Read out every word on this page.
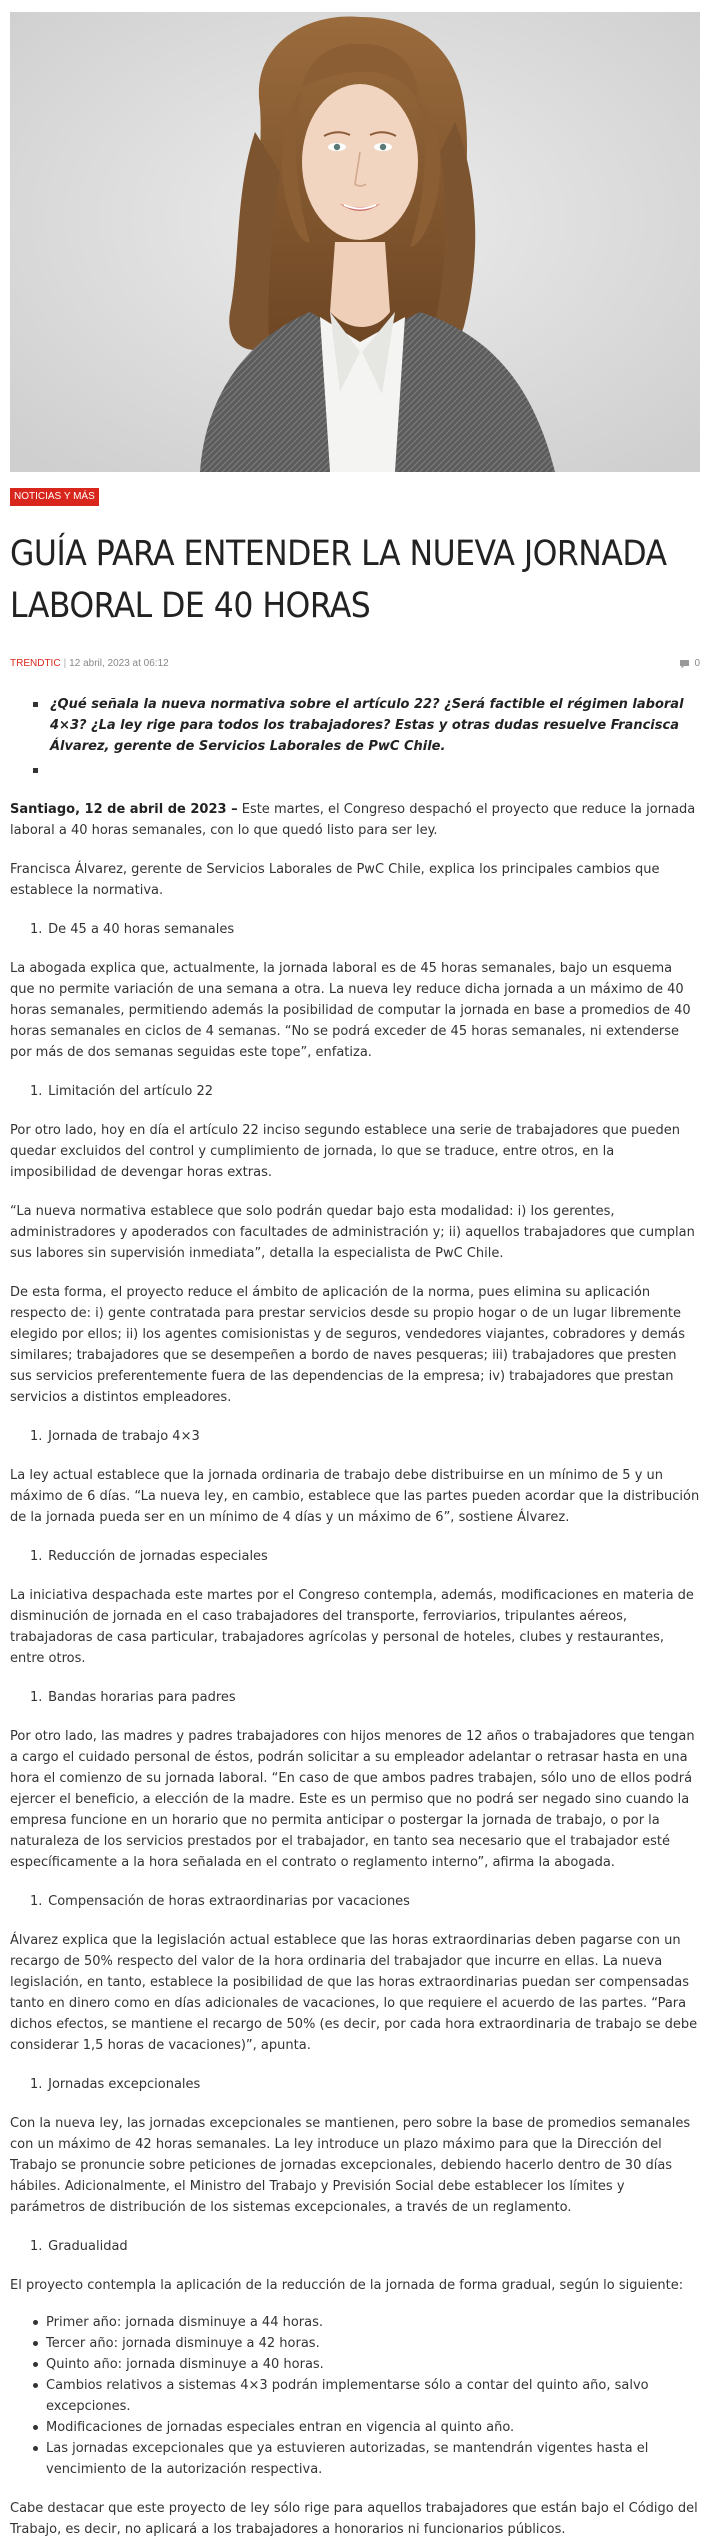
NOTICIAS Y MÁS
GUÍA PARA ENTENDER LA NUEVA JORNADA LABORAL DE 40 HORAS
TRENDTIC | 12 abril, 2023 at 06:12	0
¿Qué señala la nueva normativa sobre el artículo 22? ¿Será factible el régimen laboral 4×3? ¿La ley rige para todos los trabajadores? Estas y otras dudas resuelve Francisca Álvarez, gerente de Servicios Laborales de PwC Chile.

Santiago, 12 de abril de 2023 – Este martes, el Congreso despachó el proyecto que reduce la jornada laboral a 40 horas semanales, con lo que quedó listo para ser ley.

Francisca Álvarez, gerente de Servicios Laborales de PwC Chile, explica los principales cambios que establece la normativa.

1. De 45 a 40 horas semanales

La abogada explica que, actualmente, la jornada laboral es de 45 horas semanales, bajo un esquema que no permite variación de una semana a otra. La nueva ley reduce dicha jornada a un máximo de 40 horas semanales, permitiendo además la posibilidad de computar la jornada en base a promedios de 40 horas semanales en ciclos de 4 semanas. “No se podrá exceder de 45 horas semanales, ni extenderse por más de dos semanas seguidas este tope”, enfatiza.

1. Limitación del artículo 22

Por otro lado, hoy en día el artículo 22 inciso segundo establece una serie de trabajadores que pueden quedar excluidos del control y cumplimiento de jornada, lo que se traduce, entre otros, en la imposibilidad de devengar horas extras.

“La nueva normativa establece que solo podrán quedar bajo esta modalidad: i) los gerentes, administradores y apoderados con facultades de administración y; ii) aquellos trabajadores que cumplan sus labores sin supervisión inmediata”, detalla la especialista de PwC Chile.

De esta forma, el proyecto reduce el ámbito de aplicación de la norma, pues elimina su aplicación respecto de: i) gente contratada para prestar servicios desde su propio hogar o de un lugar libremente elegido por ellos; ii) los agentes comisionistas y de seguros, vendedores viajantes, cobradores y demás similares; trabajadores que se desempeñen a bordo de naves pesqueras; iii) trabajadores que presten sus servicios preferentemente fuera de las dependencias de la empresa; iv) trabajadores que prestan servicios a distintos empleadores.

1. Jornada de trabajo 4×3

La ley actual establece que la jornada ordinaria de trabajo debe distribuirse en un mínimo de 5 y un máximo de 6 días. “La nueva ley, en cambio, establece que las partes pueden acordar que la distribución de la jornada pueda ser en un mínimo de 4 días y un máximo de 6”, sostiene Álvarez.

1. Reducción de jornadas especiales

La iniciativa despachada este martes por el Congreso contempla, además, modificaciones en materia de disminución de jornada en el caso trabajadores del transporte, ferroviarios, tripulantes aéreos, trabajadoras de casa particular, trabajadores agrícolas y personal de hoteles, clubes y restaurantes, entre otros.

1. Bandas horarias para padres

Por otro lado, las madres y padres trabajadores con hijos menores de 12 años o trabajadores que tengan a cargo el cuidado personal de éstos, podrán solicitar a su empleador adelantar o retrasar hasta en una hora el comienzo de su jornada laboral. “En caso de que ambos padres trabajen, sólo uno de ellos podrá ejercer el beneficio, a elección de la madre. Este es un permiso que no podrá ser negado sino cuando la empresa funcione en un horario que no permita anticipar o postergar la jornada de trabajo, o por la naturaleza de los servicios prestados por el trabajador, en tanto sea necesario que el trabajador esté específicamente a la hora señalada en el contrato o reglamento interno”, afirma la abogada.

1. Compensación de horas extraordinarias por vacaciones

Álvarez explica que la legislación actual establece que las horas extraordinarias deben pagarse con un recargo de 50% respecto del valor de la hora ordinaria del trabajador que incurre en ellas. La nueva legislación, en tanto, establece la posibilidad de que las horas extraordinarias puedan ser compensadas tanto en dinero como en días adicionales de vacaciones, lo que requiere el acuerdo de las partes. “Para dichos efectos, se mantiene el recargo de 50% (es decir, por cada hora extraordinaria de trabajo se debe considerar 1,5 horas de vacaciones)”, apunta.

1. Jornadas excepcionales

Con la nueva ley, las jornadas excepcionales se mantienen, pero sobre la base de promedios semanales con un máximo de 42 horas semanales. La ley introduce un plazo máximo para que la Dirección del Trabajo se pronuncie sobre peticiones de jornadas excepcionales, debiendo hacerlo dentro de 30 días hábiles. Adicionalmente, el Ministro del Trabajo y Previsión Social debe establecer los límites y parámetros de distribución de los sistemas excepcionales, a través de un reglamento.

1. Gradualidad

El proyecto contempla la aplicación de la reducción de la jornada de forma gradual, según lo siguiente:

Primer año: jornada disminuye a 44 horas.
Tercer año: jornada disminuye a 42 horas.
Quinto año: jornada disminuye a 40 horas.
Cambios relativos a sistemas 4×3 podrán implementarse sólo a contar del quinto año, salvo excepciones.
Modificaciones de jornadas especiales entran en vigencia al quinto año.
Las jornadas excepcionales que ya estuvieren autorizadas, se mantendrán vigentes hasta el vencimiento de la autorización respectiva.

Cabe destacar que este proyecto de ley sólo rige para aquellos trabajadores que están bajo el Código del Trabajo, es decir, no aplicará a los trabajadores a honorarios ni funcionarios públicos.
